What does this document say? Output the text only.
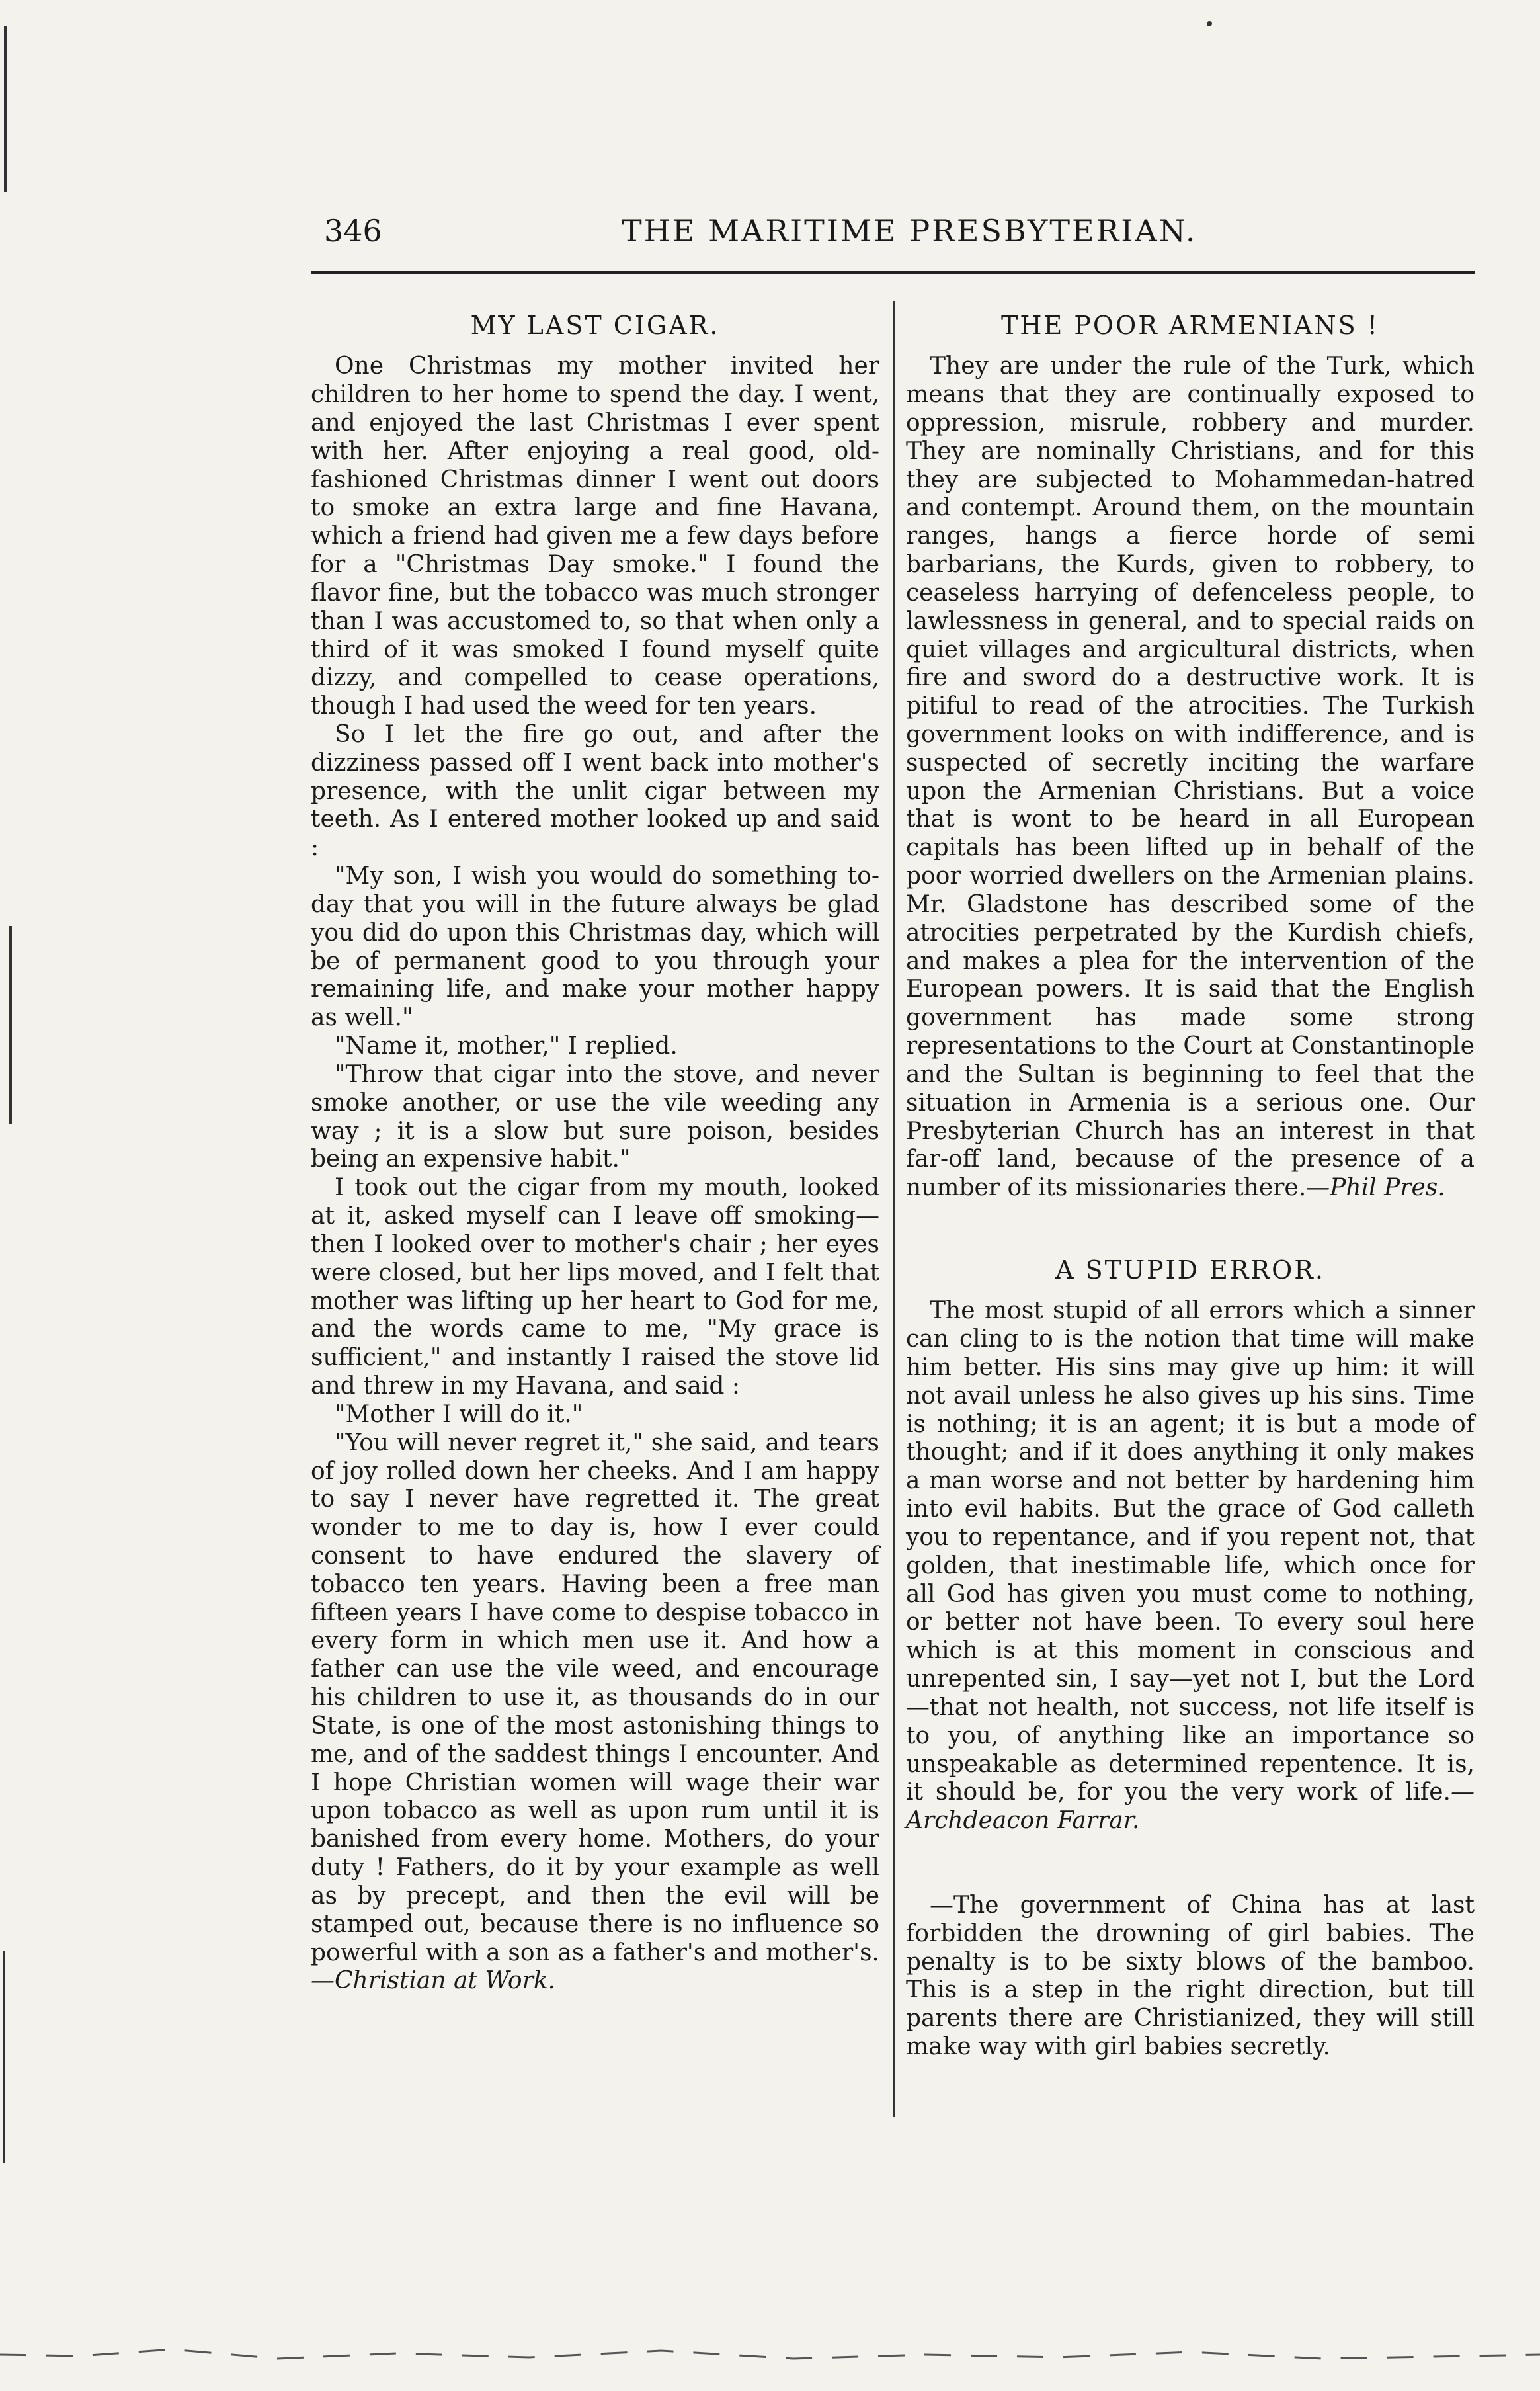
346	THE MARITIME PRESBYTERIAN.
MY LAST CIGAR.

One Christmas my mother invited her children to her home to spend the day. I went, and enjoyed the last Christmas I ever spent with her. After enjoying a real good, old-fashioned Christmas dinner I went out doors to smoke an extra large and fine Havana, which a friend had given me a few days before for a "Christmas Day smoke." I found the flavor fine, but the tobacco was much stronger than I was accustomed to, so that when only a third of it was smoked I found myself quite dizzy, and compelled to cease operations, though I had used the weed for ten years.

So I let the fire go out, and after the dizziness passed off I went back into mother's presence, with the unlit cigar between my teeth. As I entered mother looked up and said :

"My son, I wish you would do something to-day that you will in the future always be glad you did do upon this Christmas day, which will be of permanent good to you through your remaining life, and make your mother happy as well."

"Name it, mother," I replied.

"Throw that cigar into the stove, and never smoke another, or use the vile weeding any way ; it is a slow but sure poison, besides being an expensive habit."

I took out the cigar from my mouth, looked at it, asked myself can I leave off smoking—then I looked over to mother's chair ; her eyes were closed, but her lips moved, and I felt that mother was lifting up her heart to God for me, and the words came to me, "My grace is sufficient," and instantly I raised the stove lid and threw in my Havana, and said :

"Mother I will do it."

"You will never regret it," she said, and tears of joy rolled down her cheeks. And I am happy to say I never have regretted it. The great wonder to me to day is, how I ever could consent to have endured the slavery of tobacco ten years. Having been a free man fifteen years I have come to despise tobacco in every form in which men use it. And how a father can use the vile weed, and encourage his children to use it, as thousands do in our State, is one of the most astonishing things to me, and of the saddest things I encounter. And I hope Christian women will wage their war upon tobacco as well as upon rum until it is banished from every home. Mothers, do your duty ! Fathers, do it by your example as well as by precept, and then the evil will be stamped out, because there is no influence so powerful with a son as a father's and mother's.—Christian at Work.

THE POOR ARMENIANS !

They are under the rule of the Turk, which means that they are continually exposed to oppression, misrule, robbery and murder. They are nominally Christians, and for this they are subjected to Mohammedan-hatred and contempt. Around them, on the mountain ranges, hangs a fierce horde of semi barbarians, the Kurds, given to robbery, to ceaseless harrying of defenceless people, to lawlessness in general, and to special raids on quiet villages and argicultural districts, when fire and sword do a destructive work. It is pitiful to read of the atrocities. The Turkish government looks on with indifference, and is suspected of secretly inciting the warfare upon the Armenian Christians. But a voice that is wont to be heard in all European capitals has been lifted up in behalf of the poor worried dwellers on the Armenian plains. Mr. Gladstone has described some of the atrocities perpetrated by the Kurdish chiefs, and makes a plea for the intervention of the European powers. It is said that the English government has made some strong representations to the Court at Constantinople and the Sultan is beginning to feel that the situation in Armenia is a serious one. Our Presbyterian Church has an interest in that far-off land, because of the presence of a number of its missionaries there.—Phil Pres.

A STUPID ERROR.

The most stupid of all errors which a sinner can cling to is the notion that time will make him better. His sins may give up him: it will not avail unless he also gives up his sins. Time is nothing; it is an agent; it is but a mode of thought; and if it does anything it only makes a man worse and not better by hardening him into evil habits. But the grace of God calleth you to repentance, and if you repent not, that golden, that inestimable life, which once for all God has given you must come to nothing, or better not have been. To every soul here which is at this moment in conscious and unrepented sin, I say—yet not I, but the Lord—that not health, not success, not life itself is to you, of anything like an importance so unspeakable as determined repentence. It is, it should be, for you the very work of life.—Archdeacon Farrar.

—The government of China has at last forbidden the drowning of girl babies. The penalty is to be sixty blows of the bamboo. This is a step in the right direction, but till parents there are Christianized, they will still make way with girl babies secretly.
